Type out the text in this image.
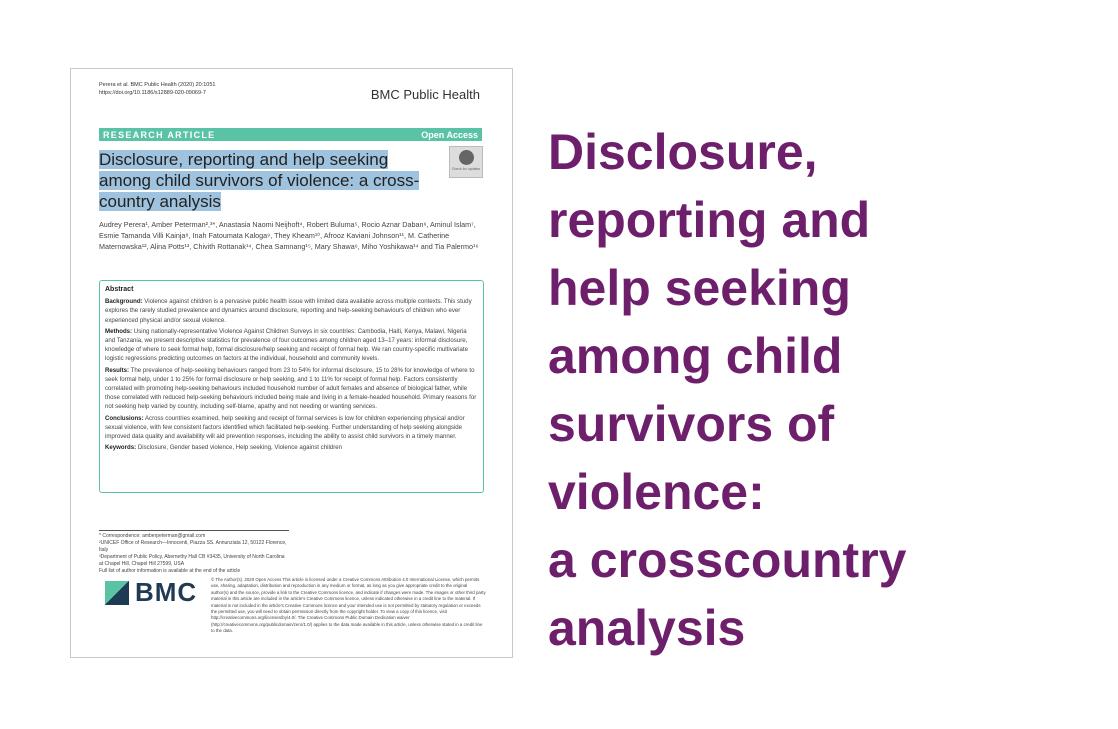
Perera et al. BMC Public Health (2020) 20:1051
https://doi.org/10.1186/s12889-020-09069-7	BMC Public Health
RESEARCH ARTICLE	Open Access
Disclosure, reporting and help seeking among child survivors of violence: a cross-country analysis
Check for updates
Audrey Perera¹, Amber Peterman²,³*, Anastasia Naomi Neijhoft⁴, Robert Buluma⁵, Rocio Aznar Daban⁶, Aminul Islam⁷, Esmie Tamanda Villi Kainja⁸, Inah Fatoumata Kaloga⁹, They Kheam¹⁰, Afrooz Kaviani Johnson¹¹, M. Catherine Maternowska¹², Alina Potts¹³, Chivith Rottanak¹⁴, Chea Samnang¹⁵, Mary Shawa⁶, Miho Yoshikawa¹⁴ and Tia Palermo¹⁶
Abstract

Background: Violence against children is a pervasive public health issue with limited data available across multiple contexts. This study explores the rarely studied prevalence and dynamics around disclosure, reporting and help-seeking behaviours of children who ever experienced physical and/or sexual violence.

Methods: Using nationally-representative Violence Against Children Surveys in six countries: Cambodia, Haiti, Kenya, Malawi, Nigeria and Tanzania, we present descriptive statistics for prevalence of four outcomes among children aged 13–17 years: informal disclosure, knowledge of where to seek formal help, formal disclosure/help seeking and receipt of formal help. We ran country-specific multivariate logistic regressions predicting outcomes on factors at the individual, household and community levels.

Results: The prevalence of help-seeking behaviours ranged from 23 to 54% for informal disclosure, 15 to 28% for knowledge of where to seek formal help, under 1 to 25% for formal disclosure or help seeking, and 1 to 11% for receipt of formal help. Factors consistently correlated with promoting help-seeking behaviours included household number of adult females and absence of biological father, while those correlated with reduced help-seeking behaviours included being male and living in a female-headed household. Primary reasons for not seeking help varied by country, including self-blame, apathy and not needing or wanting services.

Conclusions: Across countries examined, help seeking and receipt of formal services is low for children experiencing physical and/or sexual violence, with few consistent factors identified which facilitated help-seeking. Further understanding of help seeking alongside improved data quality and availability will aid prevention responses, including the ability to assist child survivors in a timely manner.

Keywords: Disclosure, Gender based violence, Help seeking, Violence against children

* Correspondence: amberpeterman@gmail.com
²UNICEF Office of Research—Innocenti, Piazza SS. Annunziata 12, 50122 Florence, Italy
³Department of Public Policy, Abernethy Hall CB #3435, University of North Carolina at Chapel Hill, Chapel Hill 27599, USA
Full list of author information is available at the end of the article
BMC	© The Author(s). 2020 Open Access This article is licensed under a Creative Commons Attribution 4.0 International License, which permits use, sharing, adaptation, distribution and reproduction in any medium or format, as long as you give appropriate credit to the original author(s) and the source, provide a link to the Creative Commons licence, and indicate if changes were made. The images or other third party material in this article are included in the article's Creative Commons licence, unless indicated otherwise in a credit line to the material. If material is not included in the article's Creative Commons licence and your intended use is not permitted by statutory regulation or exceeds the permitted use, you will need to obtain permission directly from the copyright holder. To view a copy of this licence, visit http://creativecommons.org/licenses/by/4.0/. The Creative Commons Public Domain Dedication waiver (http://creativecommons.org/publicdomain/zero/1.0/) applies to the data made available in this article, unless otherwise stated in a credit line to the data.
Disclosure,
reporting and
help seeking
among child
survivors of
violence:
a crosscountry
analysis
